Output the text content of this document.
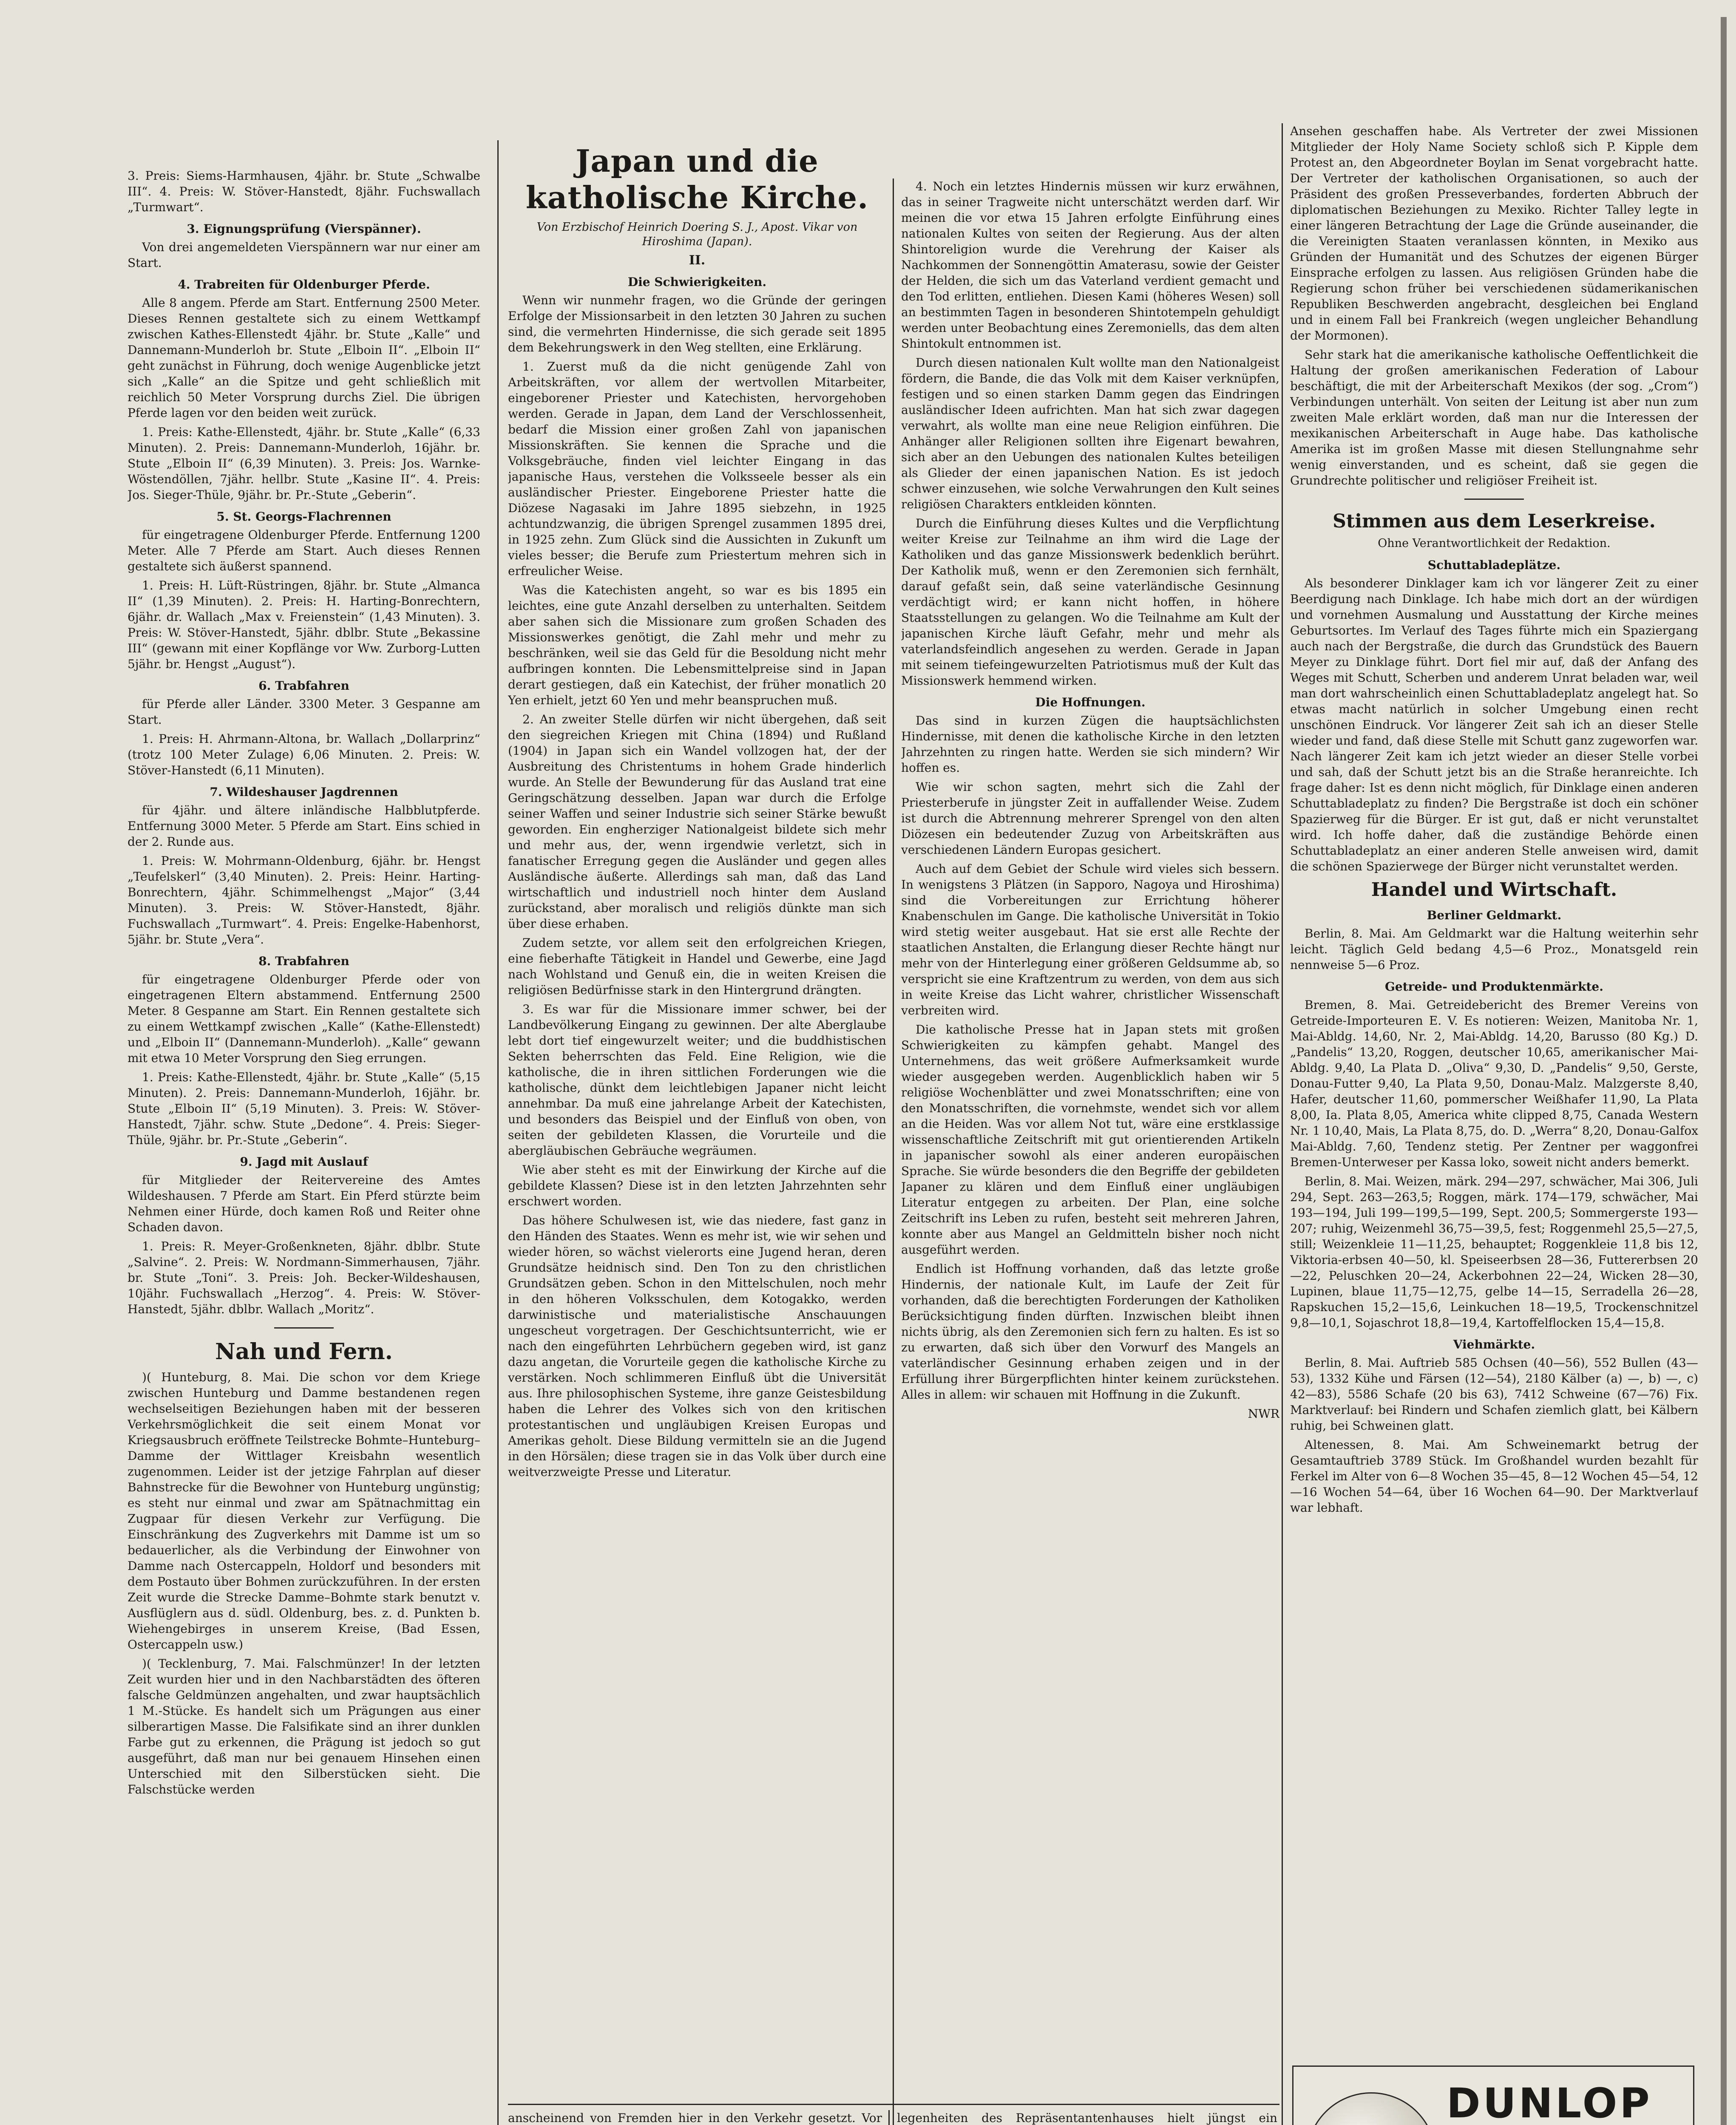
3. Preis: Siems-Harmhausen, 4jähr. br. Stute „Schwalbe III“. 4. Preis: W. Stöver-Hanstedt, 8jähr. Fuchswallach „Turmwart“.

3. Eignungsprüfung (Vierspänner).

Von drei angemeldeten Vierspännern war nur einer am Start.

4. Trabreiten für Oldenburger Pferde.

Alle 8 angem. Pferde am Start. Entfernung 2500 Meter. Dieses Rennen gestaltete sich zu einem Wettkampf zwischen Kathes-Ellenstedt 4jähr. br. Stute „Kalle“ und Dannemann-Munderloh br. Stute „Elboin II“. „Elboin II“ geht zunächst in Führung, doch wenige Augenblicke jetzt sich „Kalle“ an die Spitze und geht schließlich mit reichlich 50 Meter Vorsprung durchs Ziel. Die übrigen Pferde lagen vor den beiden weit zurück.

1. Preis: Kathe-Ellenstedt, 4jähr. br. Stute „Kalle“ (6,33 Minuten). 2. Preis: Dannemann-Munderloh, 16jähr. br. Stute „Elboin II“ (6,39 Minuten). 3. Preis: Jos. Warnke-Wöstendöllen, 7jähr. hellbr. Stute „Kasine II“. 4. Preis: Jos. Sieger-Thüle, 9jähr. br. Pr.-Stute „Geberin“.

5. St. Georgs-Flachrennen

für eingetragene Oldenburger Pferde. Entfernung 1200 Meter. Alle 7 Pferde am Start. Auch dieses Rennen gestaltete sich äußerst spannend.

1. Preis: H. Lüft-Rüstringen, 8jähr. br. Stute „Almanca II“ (1,39 Minuten). 2. Preis: H. Harting-Bonrechtern, 6jähr. dr. Wallach „Max v. Freienstein“ (1,43 Minuten). 3. Preis: W. Stöver-Hanstedt, 5jähr. dblbr. Stute „Bekassine III“ (gewann mit einer Kopflänge vor Ww. Zurborg-Lutten 5jähr. br. Hengst „August“).

6. Trabfahren

für Pferde aller Länder. 3300 Meter. 3 Gespanne am Start.

1. Preis: H. Ahrmann-Altona, br. Wallach „Dollarprinz“ (trotz 100 Meter Zulage) 6,06 Minuten. 2. Preis: W. Stöver-Hanstedt (6,11 Minuten).

7. Wildeshauser Jagdrennen

für 4jähr. und ältere inländische Halbblutpferde. Entfernung 3000 Meter. 5 Pferde am Start. Eins schied in der 2. Runde aus.

1. Preis: W. Mohrmann-Oldenburg, 6jähr. br. Hengst „Teufelskerl“ (3,40 Minuten). 2. Preis: Heinr. Harting-Bonrechtern, 4jähr. Schimmelhengst „Major“ (3,44 Minuten). 3. Preis: W. Stöver-Hanstedt, 8jähr. Fuchswallach „Turmwart“. 4. Preis: Engelke-Habenhorst, 5jähr. br. Stute „Vera“.

8. Trabfahren

für eingetragene Oldenburger Pferde oder von eingetragenen Eltern abstammend. Entfernung 2500 Meter. 8 Gespanne am Start. Ein Rennen gestaltete sich zu einem Wettkampf zwischen „Kalle“ (Kathe-Ellenstedt) und „Elboin II“ (Dannemann-Munderloh). „Kalle“ gewann mit etwa 10 Meter Vorsprung den Sieg errungen.

1. Preis: Kathe-Ellenstedt, 4jähr. br. Stute „Kalle“ (5,15 Minuten). 2. Preis: Dannemann-Munderloh, 16jähr. br. Stute „Elboin II“ (5,19 Minuten). 3. Preis: W. Stöver-Hanstedt, 7jähr. schw. Stute „Dedone“. 4. Preis: Sieger-Thüle, 9jähr. br. Pr.-Stute „Geberin“.

9. Jagd mit Auslauf

für Mitglieder der Reitervereine des Amtes Wildeshausen. 7 Pferde am Start. Ein Pferd stürzte beim Nehmen einer Hürde, doch kamen Roß und Reiter ohne Schaden davon.

1. Preis: R. Meyer-Großenkneten, 8jähr. dblbr. Stute „Salvine“. 2. Preis: W. Nordmann-Simmerhausen, 7jähr. br. Stute „Toni“. 3. Preis: Joh. Becker-Wildeshausen, 10jähr. Fuchswallach „Herzog“. 4. Preis: W. Stöver-Hanstedt, 5jähr. dblbr. Wallach „Moritz“.

Nah und Fern.

)( Hunteburg, 8. Mai. Die schon vor dem Kriege zwischen Hunteburg und Damme bestandenen regen wechselseitigen Beziehungen haben mit der besseren Verkehrsmöglichkeit die seit einem Monat vor Kriegsausbruch eröffnete Teilstrecke Bohmte–Hunteburg–Damme der Wittlager Kreisbahn wesentlich zugenommen. Leider ist der jetzige Fahrplan auf dieser Bahnstrecke für die Bewohner von Hunteburg ungünstig; es steht nur einmal und zwar am Spätnachmittag ein Zugpaar für diesen Verkehr zur Verfügung. Die Einschränkung des Zugverkehrs mit Damme ist um so bedauerlicher, als die Verbindung der Einwohner von Damme nach Ostercappeln, Holdorf und besonders mit dem Postauto über Bohmen zurückzuführen. In der ersten Zeit wurde die Strecke Damme–Bohmte stark benutzt v. Ausflüglern aus d. südl. Oldenburg, bes. z. d. Punkten b. Wiehengebirges in unserem Kreise, (Bad Essen, Ostercappeln usw.)

)( Tecklenburg, 7. Mai. Falschmünzer! In der letzten Zeit wurden hier und in den Nachbarstädten des öfteren falsche Geldmünzen angehalten, und zwar hauptsächlich 1 M.-Stücke. Es handelt sich um Prägungen aus einer silberartigen Masse. Die Falsifikate sind an ihrer dunklen Farbe gut zu erkennen, die Prägung ist jedoch so gut ausgeführt, daß man nur bei genauem Hinsehen einen Unterschied mit den Silberstücken sieht. Die Falschstücke werden

Japan und die katholische Kirche.
Von Erzbischof Heinrich Doering S. J., Apost. Vikar von Hiroshima (Japan).
II.
Die Schwierigkeiten.

Wenn wir nunmehr fragen, wo die Gründe der geringen Erfolge der Missionsarbeit in den letzten 30 Jahren zu suchen sind, die vermehrten Hindernisse, die sich gerade seit 1895 dem Bekehrungswerk in den Weg stellten, eine Erklärung.

1. Zuerst muß da die nicht genügende Zahl von Arbeitskräften, vor allem der wertvollen Mitarbeiter, eingeborener Priester und Katechisten, hervorgehoben werden. Gerade in Japan, dem Land der Verschlossenheit, bedarf die Mission einer großen Zahl von japanischen Missionskräften. Sie kennen die Sprache und die Volksgebräuche, finden viel leichter Eingang in das japanische Haus, verstehen die Volksseele besser als ein ausländischer Priester. Eingeborene Priester hatte die Diözese Nagasaki im Jahre 1895 siebzehn, in 1925 achtundzwanzig, die übrigen Sprengel zusammen 1895 drei, in 1925 zehn. Zum Glück sind die Aussichten in Zukunft um vieles besser; die Berufe zum Priestertum mehren sich in erfreulicher Weise.

Was die Katechisten angeht, so war es bis 1895 ein leichtes, eine gute Anzahl derselben zu unterhalten. Seitdem aber sahen sich die Missionare zum großen Schaden des Missionswerkes genötigt, die Zahl mehr und mehr zu beschränken, weil sie das Geld für die Besoldung nicht mehr aufbringen konnten. Die Lebensmittelpreise sind in Japan derart gestiegen, daß ein Katechist, der früher monatlich 20 Yen erhielt, jetzt 60 Yen und mehr beanspruchen muß.

2. An zweiter Stelle dürfen wir nicht übergehen, daß seit den siegreichen Kriegen mit China (1894) und Rußland (1904) in Japan sich ein Wandel vollzogen hat, der der Ausbreitung des Christentums in hohem Grade hinderlich wurde. An Stelle der Bewunderung für das Ausland trat eine Geringschätzung desselben. Japan war durch die Erfolge seiner Waffen und seiner Industrie sich seiner Stärke bewußt geworden. Ein engherziger Nationalgeist bildete sich mehr und mehr aus, der, wenn irgendwie verletzt, sich in fanatischer Erregung gegen die Ausländer und gegen alles Ausländische äußerte. Allerdings sah man, daß das Land wirtschaftlich und industriell noch hinter dem Ausland zurückstand, aber moralisch und religiös dünkte man sich über diese erhaben.

Zudem setzte, vor allem seit den erfolgreichen Kriegen, eine fieberhafte Tätigkeit in Handel und Gewerbe, eine Jagd nach Wohlstand und Genuß ein, die in weiten Kreisen die religiösen Bedürfnisse stark in den Hintergrund drängten.

3. Es war für die Missionare immer schwer, bei der Landbevölkerung Eingang zu gewinnen. Der alte Aberglaube lebt dort tief eingewurzelt weiter; und die buddhistischen Sekten beherrschten das Feld. Eine Religion, wie die katholische, die in ihren sittlichen Forderungen wie die katholische, dünkt dem leichtlebigen Japaner nicht leicht annehmbar. Da muß eine jahrelange Arbeit der Katechisten, und besonders das Beispiel und der Einfluß von oben, von seiten der gebildeten Klassen, die Vorurteile und die abergläubischen Gebräuche wegräumen.

Wie aber steht es mit der Einwirkung der Kirche auf die gebildete Klassen? Diese ist in den letzten Jahrzehnten sehr erschwert worden.

Das höhere Schulwesen ist, wie das niedere, fast ganz in den Händen des Staates. Wenn es mehr ist, wie wir sehen und wieder hören, so wächst vielerorts eine Jugend heran, deren Grundsätze heidnisch sind. Den Ton zu den christlichen Grundsätzen geben. Schon in den Mittelschulen, noch mehr in den höheren Volksschulen, dem Kotogakko, werden darwinistische und materialistische Anschauungen ungescheut vorgetragen. Der Geschichtsunterricht, wie er nach den eingeführten Lehrbüchern gegeben wird, ist ganz dazu angetan, die Vorurteile gegen die katholische Kirche zu verstärken. Noch schlimmeren Einfluß übt die Universität aus. Ihre philosophischen Systeme, ihre ganze Geistesbildung haben die Lehrer des Volkes sich von den kritischen protestantischen und ungläubigen Kreisen Europas und Amerikas geholt. Diese Bildung vermitteln sie an die Jugend in den Hörsälen; diese tragen sie in das Volk über durch eine weitverzweigte Presse und Literatur.

4. Noch ein letztes Hindernis müssen wir kurz erwähnen, das in seiner Tragweite nicht unterschätzt werden darf. Wir meinen die vor etwa 15 Jahren erfolgte Einführung eines nationalen Kultes von seiten der Regierung. Aus der alten Shintoreligion wurde die Verehrung der Kaiser als Nachkommen der Sonnengöttin Amaterasu, sowie der Geister der Helden, die sich um das Vaterland verdient gemacht und den Tod erlitten, entliehen. Diesen Kami (höheres Wesen) soll an bestimmten Tagen in besonderen Shintotempeln gehuldigt werden unter Beobachtung eines Zeremoniells, das dem alten Shintokult entnommen ist.

Durch diesen nationalen Kult wollte man den Nationalgeist fördern, die Bande, die das Volk mit dem Kaiser verknüpfen, festigen und so einen starken Damm gegen das Eindringen ausländischer Ideen aufrichten. Man hat sich zwar dagegen verwahrt, als wollte man eine neue Religion einführen. Die Anhänger aller Religionen sollten ihre Eigenart bewahren, sich aber an den Uebungen des nationalen Kultes beteiligen als Glieder der einen japanischen Nation. Es ist jedoch schwer einzusehen, wie solche Verwahrungen den Kult seines religiösen Charakters entkleiden könnten.

Durch die Einführung dieses Kultes und die Verpflichtung weiter Kreise zur Teilnahme an ihm wird die Lage der Katholiken und das ganze Missionswerk bedenklich berührt. Der Katholik muß, wenn er den Zeremonien sich fernhält, darauf gefaßt sein, daß seine vaterländische Gesinnung verdächtigt wird; er kann nicht hoffen, in höhere Staatsstellungen zu gelangen. Wo die Teilnahme am Kult der japanischen Kirche läuft Gefahr, mehr und mehr als vaterlandsfeindlich angesehen zu werden. Gerade in Japan mit seinem tiefeingewurzelten Patriotismus muß der Kult das Missionswerk hemmend wirken.

Die Hoffnungen.

Das sind in kurzen Zügen die hauptsächlichsten Hindernisse, mit denen die katholische Kirche in den letzten Jahrzehnten zu ringen hatte. Werden sie sich mindern? Wir hoffen es.

Wie wir schon sagten, mehrt sich die Zahl der Priesterberufe in jüngster Zeit in auffallender Weise. Zudem ist durch die Abtrennung mehrerer Sprengel von den alten Diözesen ein bedeutender Zuzug von Arbeitskräften aus verschiedenen Ländern Europas gesichert.

Auch auf dem Gebiet der Schule wird vieles sich bessern. In wenigstens 3 Plätzen (in Sapporo, Nagoya und Hiroshima) sind die Vorbereitungen zur Errichtung höherer Knabenschulen im Gange. Die katholische Universität in Tokio wird stetig weiter ausgebaut. Hat sie erst alle Rechte der staatlichen Anstalten, die Erlangung dieser Rechte hängt nur mehr von der Hinterlegung einer größeren Geldsumme ab, so verspricht sie eine Kraftzentrum zu werden, von dem aus sich in weite Kreise das Licht wahrer, christlicher Wissenschaft verbreiten wird.

Die katholische Presse hat in Japan stets mit großen Schwierigkeiten zu kämpfen gehabt. Mangel des Unternehmens, das weit größere Aufmerksamkeit wurde wieder ausgegeben werden. Augenblicklich haben wir 5 religiöse Wochenblätter und zwei Monatsschriften; eine von den Monatsschriften, die vornehmste, wendet sich vor allem an die Heiden. Was vor allem Not tut, wäre eine erstklassige wissenschaftliche Zeitschrift mit gut orientierenden Artikeln in japanischer sowohl als einer anderen europäischen Sprache. Sie würde besonders die den Begriffe der gebildeten Japaner zu klären und dem Einfluß einer ungläubigen Literatur entgegen zu arbeiten. Der Plan, eine solche Zeitschrift ins Leben zu rufen, besteht seit mehreren Jahren, konnte aber aus Mangel an Geldmitteln bisher noch nicht ausgeführt werden.

Endlich ist Hoffnung vorhanden, daß das letzte große Hindernis, der nationale Kult, im Laufe der Zeit für vorhanden, daß die berechtigten Forderungen der Katholiken Berücksichtigung finden dürften. Inzwischen bleibt ihnen nichts übrig, als den Zeremonien sich fern zu halten. Es ist so zu erwarten, daß sich über den Vorwurf des Mangels an vaterländischer Gesinnung erhaben zeigen und in der Erfüllung ihrer Bürgerpflichten hinter keinem zurückstehen. Alles in allem: wir schauen mit Hoffnung in die Zukunft.

NWR

Ansehen geschaffen habe. Als Vertreter der zwei Missionen Mitglieder der Holy Name Society schloß sich P. Kipple dem Protest an, den Abgeordneter Boylan im Senat vorgebracht hatte. Der Vertreter der katholischen Organisationen, so auch der Präsident des großen Presseverbandes, forderten Abbruch der diplomatischen Beziehungen zu Mexiko. Richter Talley legte in einer längeren Betrachtung der Lage die Gründe auseinander, die die Vereinigten Staaten veranlassen könnten, in Mexiko aus Gründen der Humanität und des Schutzes der eigenen Bürger Einsprache erfolgen zu lassen. Aus religiösen Gründen habe die Regierung schon früher bei verschiedenen südamerikanischen Republiken Beschwerden angebracht, desgleichen bei England und in einem Fall bei Frankreich (wegen ungleicher Behandlung der Mormonen).

Sehr stark hat die amerikanische katholische Oeffentlichkeit die Haltung der großen amerikanischen Federation of Labour beschäftigt, die mit der Arbeiterschaft Mexikos (der sog. „Crom“) Verbindungen unterhält. Von seiten der Leitung ist aber nun zum zweiten Male erklärt worden, daß man nur die Interessen der mexikanischen Arbeiterschaft in Auge habe. Das katholische Amerika ist im großen Masse mit diesen Stellungnahme sehr wenig einverstanden, und es scheint, daß sie gegen die Grundrechte politischer und religiöser Freiheit ist.

Stimmen aus dem Leserkreise.
Ohne Verantwortlichkeit der Redaktion.
Schuttabladeplätze.

Als besonderer Dinklager kam ich vor längerer Zeit zu einer Beerdigung nach Dinklage. Ich habe mich dort an der würdigen und vornehmen Ausmalung und Ausstattung der Kirche meines Geburtsortes. Im Verlauf des Tages führte mich ein Spaziergang auch nach der Bergstraße, die durch das Grundstück des Bauern Meyer zu Dinklage führt. Dort fiel mir auf, daß der Anfang des Weges mit Schutt, Scherben und anderem Unrat beladen war, weil man dort wahrscheinlich einen Schuttabladeplatz angelegt hat. So etwas macht natürlich in solcher Umgebung einen recht unschönen Eindruck. Vor längerer Zeit sah ich an dieser Stelle wieder und fand, daß diese Stelle mit Schutt ganz zugeworfen war. Nach längerer Zeit kam ich jetzt wieder an dieser Stelle vorbei und sah, daß der Schutt jetzt bis an die Straße heranreichte. Ich frage daher: Ist es denn nicht möglich, für Dinklage einen anderen Schuttabladeplatz zu finden? Die Bergstraße ist doch ein schöner Spazierweg für die Bürger. Er ist gut, daß er nicht verunstaltet wird. Ich hoffe daher, daß die zuständige Behörde einen Schuttabladeplatz an einer anderen Stelle anweisen wird, damit die schönen Spazierwege der Bürger nicht verunstaltet werden.

Handel und Wirtschaft.
Berliner Geldmarkt.

Berlin, 8. Mai. Am Geldmarkt war die Haltung weiterhin sehr leicht. Täglich Geld bedang 4,5—6 Proz., Monatsgeld rein nennweise 5—6 Proz.

Getreide- und Produktenmärkte.

Bremen, 8. Mai. Getreidebericht des Bremer Vereins von Getreide-Importeuren E. V. Es notieren: Weizen, Manitoba Nr. 1, Mai-Abldg. 14,60, Nr. 2, Mai-Abldg. 14,20, Barusso (80 Kg.) D. „Pandelis“ 13,20, Roggen, deutscher 10,65, amerikanischer Mai-Abldg. 9,40, La Plata D. „Oliva“ 9,30, D. „Pandelis“ 9,50, Gerste, Donau-Futter 9,40, La Plata 9,50, Donau-Malz. Malzgerste 8,40, Hafer, deutscher 11,60, pommerscher Weißhafer 11,90, La Plata 8,00, Ia. Plata 8,05, America white clipped 8,75, Canada Western Nr. 1 10,40, Mais, La Plata 8,75, do. D. „Werra“ 8,20, Donau-Galfox Mai-Abldg. 7,60, Tendenz stetig. Per Zentner per waggonfrei Bremen-Unterweser per Kassa loko, soweit nicht anders bemerkt.

Berlin, 8. Mai. Weizen, märk. 294—297, schwächer, Mai 306, Juli 294, Sept. 263—263,5; Roggen, märk. 174—179, schwächer, Mai 193—194, Juli 199—199,5—199, Sept. 200,5; Sommergerste 193—207; ruhig, Weizenmehl 36,75—39,5, fest; Roggenmehl 25,5—27,5, still; Weizenkleie 11—11,25, behauptet; Roggenkleie 11,8 bis 12, Viktoria-erbsen 40—50, kl. Speiseerbsen 28—36, Futtererbsen 20—22, Peluschken 20—24, Ackerbohnen 22—24, Wicken 28—30, Lupinen, blaue 11,75—12,75, gelbe 14—15, Serradella 26—28, Rapskuchen 15,2—15,6, Leinkuchen 18—19,5, Trockenschnitzel 9,8—10,1, Sojaschrot 18,8—19,4, Kartoffelflocken 15,4—15,8.

Viehmärkte.

Berlin, 8. Mai. Auftrieb 585 Ochsen (40—56), 552 Bullen (43—53), 1332 Kühe und Färsen (12—54), 2180 Kälber (a) —, b) —, c) 42—83), 5586 Schafe (20 bis 63), 7412 Schweine (67—76) Fix. Marktverlauf: bei Rindern und Schafen ziemlich glatt, bei Kälbern ruhig, bei Schweinen glatt.

Altenessen, 8. Mai. Am Schweinemarkt betrug der Gesamtauftrieb 3789 Stück. Im Großhandel wurden bezahlt für Ferkel im Alter von 6—8 Wochen 35—45, 8—12 Wochen 45—54, 12—16 Wochen 54—64, über 16 Wochen 64—90. Der Marktverlauf war lebhaft.

anscheinend von Fremden hier in den Verkehr gesetzt. Vor legenheiten des Repräsentantenhauses hielt jüngst ein	DUNLOP
